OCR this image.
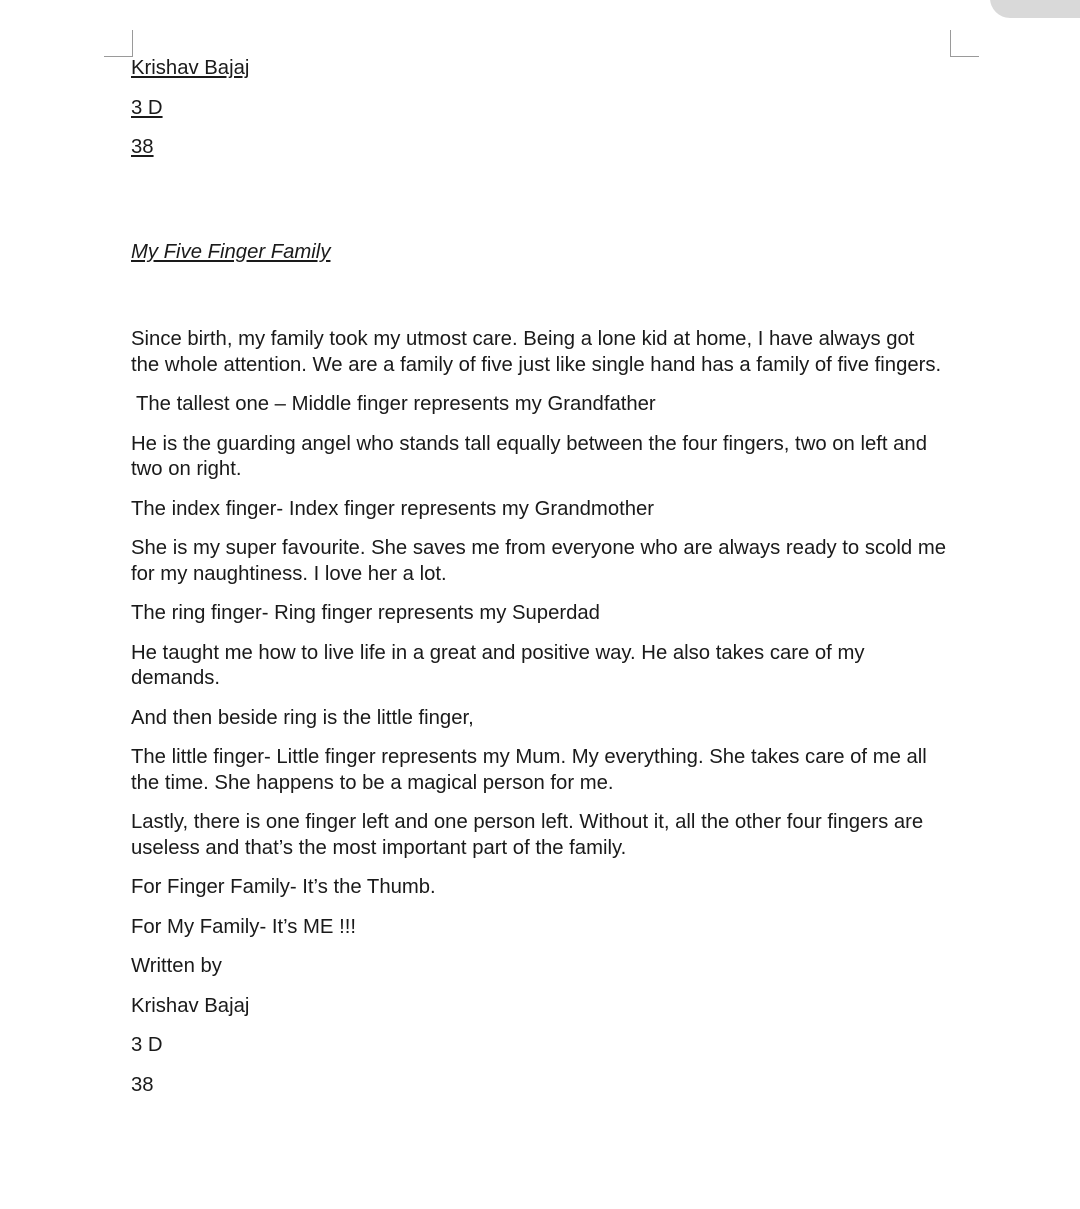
Krishav Bajaj
3 D
38
My Five Finger Family

Since birth, my family took my utmost care. Being a lone kid at home, I have always got the whole attention. We are a family of five just like single hand has a family of five fingers.

The tallest one – Middle finger represents my Grandfather

He is the guarding angel who stands tall equally between the four fingers, two on left and two on right.

The index finger- Index finger represents my Grandmother

She is my super favourite. She saves me from everyone who are always ready to scold me for my naughtiness. I love her a lot.

The ring finger- Ring finger represents my Superdad

He taught me how to live life in a great and positive way. He also takes care of my demands.

And then beside ring is the little finger,

The little finger- Little finger represents my Mum. My everything. She takes care of me all the time. She happens to be a magical person for me.

Lastly, there is one finger left and one person left. Without it, all the other four fingers are useless and that’s the most important part of the family.

For Finger Family- It’s the Thumb.

For My Family- It’s ME !!!

Written by

Krishav Bajaj

3 D

38
